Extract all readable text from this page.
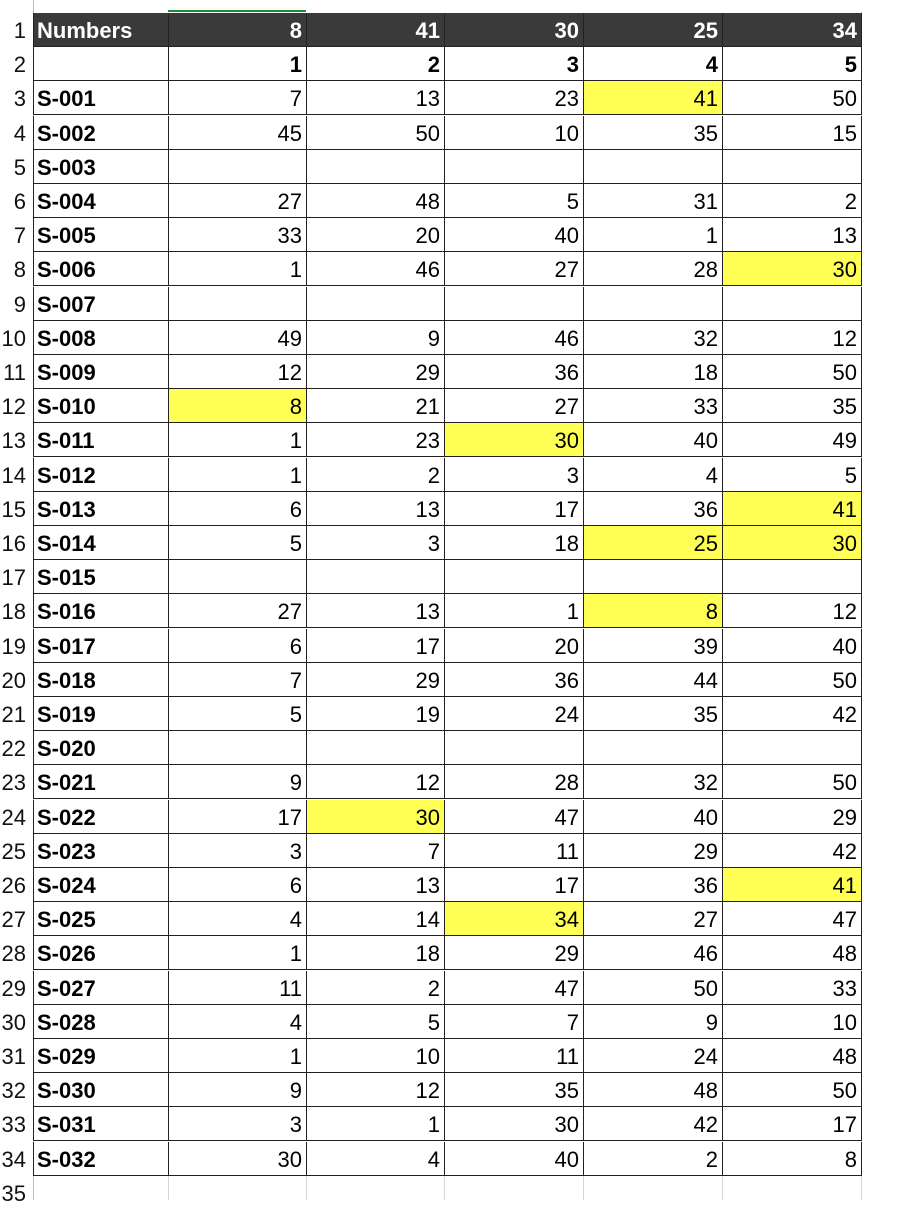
1 Numbers	8	41	30	25	34
2	1	2	3	4	5
3 S-001	7	13	23	41	50
4 S-002	45	50	10	35	15
5 S-003
6 S-004	27	48	5	31	2
7 S-005	33	20	40	1	13
8 S-006	1	46	27	28	30
9 S-007
10 S-008	49	9	46	32	12
11 S-009	12	29	36	18	50
12 S-010	8	21	27	33	35
13 S-011	1	23	30	40	49
14 S-012	1	2	3	4	5
15 S-013	6	13	17	36	41
16 S-014	5	3	18	25	30
17 S-015
18 S-016	27	13	1	8	12
19 S-017	6	17	20	39	40
20 S-018	7	29	36	44	50
21 S-019	5	19	24	35	42
22 S-020
23 S-021	9	12	28	32	50
24 S-022	17	30	47	40	29
25 S-023	3	7	11	29	42
26 S-024	6	13	17	36	41
27 S-025	4	14	34	27	47
28 S-026	1	18	29	46	48
29 S-027	11	2	47	50	33
30 S-028	4	5	7	9	10
31 S-029	1	10	11	24	48
32 S-030	9	12	35	48	50
33 S-031	3	1	30	42	17
34 S-032	30	4	40	2	8
35
